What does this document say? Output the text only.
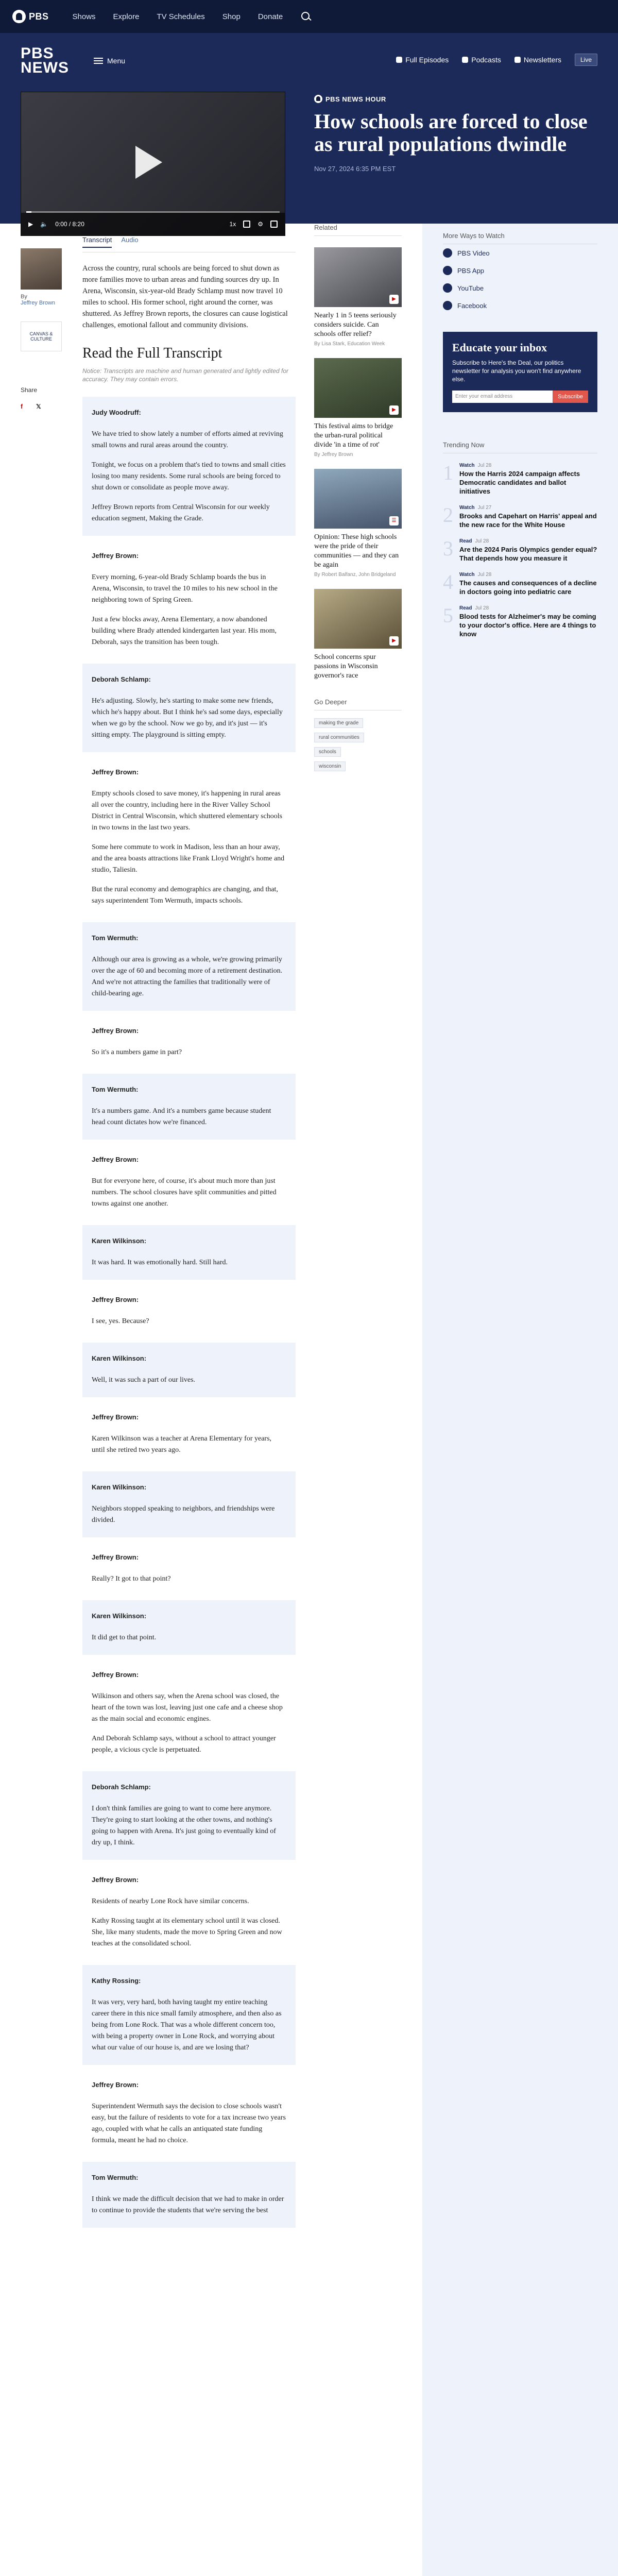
PBS	Shows Explore TV Schedules Shop Donate
PBS
NEWS	Menu	Full Episodes	Podcasts	Newsletters	Live
▶ 🔈 0:00 / 8:20	1x	⚙
PBS NEWS HOUR
How schools are forced to close as rural populations dwindle
Nov 27, 2024 6:35 PM EST
By
Jeffrey Brown
CANVAS & CULTURE
Share
f	𝕏
Transcript Audio

Across the country, rural schools are being forced to shut down as more families move to urban areas and funding sources dry up. In Arena, Wisconsin, six-year-old Brady Schlamp must now travel 10 miles to school. His former school, right around the corner, was shuttered. As Jeffrey Brown reports, the closures can cause logistical challenges, emotional fallout and community divisions.

Read the Full Transcript

Notice: Transcripts are machine and human generated and lightly edited for accuracy. They may contain errors.

Judy Woodruff:

We have tried to show lately a number of efforts aimed at reviving small towns and rural areas around the country.

Tonight, we focus on a problem that's tied to towns and small cities losing too many residents. Some rural schools are being forced to shut down or consolidate as people move away.

Jeffrey Brown reports from Central Wisconsin for our weekly education segment, Making the Grade.

Jeffrey Brown:

Every morning, 6-year-old Brady Schlamp boards the bus in Arena, Wisconsin, to travel the 10 miles to his new school in the neighboring town of Spring Green.

Just a few blocks away, Arena Elementary, a now abandoned building where Brady attended kindergarten last year. His mom, Deborah, says the transition has been tough.

Deborah Schlamp:

He's adjusting. Slowly, he's starting to make some new friends, which he's happy about. But I think he's sad some days, especially when we go by the school. Now we go by, and it's just — it's sitting empty. The playground is sitting empty.

Jeffrey Brown:

Empty schools closed to save money, it's happening in rural areas all over the country, including here in the River Valley School District in Central Wisconsin, which shuttered elementary schools in two towns in the last two years.

Some here commute to work in Madison, less than an hour away, and the area boasts attractions like Frank Lloyd Wright's home and studio, Taliesin.

But the rural economy and demographics are changing, and that, says superintendent Tom Wermuth, impacts schools.

Tom Wermuth:

Although our area is growing as a whole, we're growing primarily over the age of 60 and becoming more of a retirement destination. And we're not attracting the families that traditionally were of child-bearing age.

Jeffrey Brown:

So it's a numbers game in part?

Tom Wermuth:

It's a numbers game. And it's a numbers game because student head count dictates how we're financed.

Jeffrey Brown:

But for everyone here, of course, it's about much more than just numbers. The school closures have split communities and pitted towns against one another.

Karen Wilkinson:

It was hard. It was emotionally hard. Still hard.

Jeffrey Brown:

I see, yes. Because?

Karen Wilkinson:

Well, it was such a part of our lives.

Jeffrey Brown:

Karen Wilkinson was a teacher at Arena Elementary for years, until she retired two years ago.

Karen Wilkinson:

Neighbors stopped speaking to neighbors, and friendships were divided.

Jeffrey Brown:

Really? It got to that point?

Karen Wilkinson:

It did get to that point.

Jeffrey Brown:

Wilkinson and others say, when the Arena school was closed, the heart of the town was lost, leaving just one cafe and a cheese shop as the main social and economic engines.

And Deborah Schlamp says, without a school to attract younger people, a vicious cycle is perpetuated.

Deborah Schlamp:

I don't think families are going to want to come here anymore. They're going to start looking at the other towns, and nothing's going to happen with Arena. It's just going to eventually kind of dry up, I think.

Jeffrey Brown:

Residents of nearby Lone Rock have similar concerns.

Kathy Rossing taught at its elementary school until it was closed. She, like many students, made the move to Spring Green and now teaches at the consolidated school.

Kathy Rossing:

It was very, very hard, both having taught my entire teaching career there in this nice small family atmosphere, and then also as being from Lone Rock. That was a whole different concern too, with being a property owner in Lone Rock, and worrying about what our value of our house is, and are we losing that?

Jeffrey Brown:

Superintendent Wermuth says the decision to close schools wasn't easy, but the failure of residents to vote for a tax increase two years ago, coupled with what he calls an antiquated state funding formula, meant he had no choice.

Tom Wermuth:

I think we made the difficult decision that we had to make in order to continue to provide the students that we're serving the best

Related
▶
Nearly 1 in 5 teens seriously considers suicide. Can schools offer relief?
By Lisa Stark, Education Week
▶
This festival aims to bridge the urban-rural political divide 'in a time of rot'
By Jeffrey Brown
☰
Opinion: These high schools were the pride of their communities — and they can be again
By Robert Balfanz, John Bridgeland
▶
School concerns spur passions in Wisconsin governor's race
Go Deeper
making the grade
rural communities
schools
wisconsin
More Ways to Watch
PBS Video
PBS App
YouTube
Facebook
Educate your inbox

Subscribe to Here's the Deal, our politics newsletter for analysis you won't find anywhere else.

Enter your email address	Subscribe
Trending Now
1 Watch Jul 28
How the Harris 2024 campaign affects Democratic candidates and ballot initiatives
2 Watch Jul 27
Brooks and Capehart on Harris' appeal and the new race for the White House
3 Read Jul 28
Are the 2024 Paris Olympics gender equal? That depends how you measure it
4 Watch Jul 28
The causes and consequences of a decline in doctors going into pediatric care
5 Read Jul 28
Blood tests for Alzheimer's may be coming to your doctor's office. Here are 4 things to know
